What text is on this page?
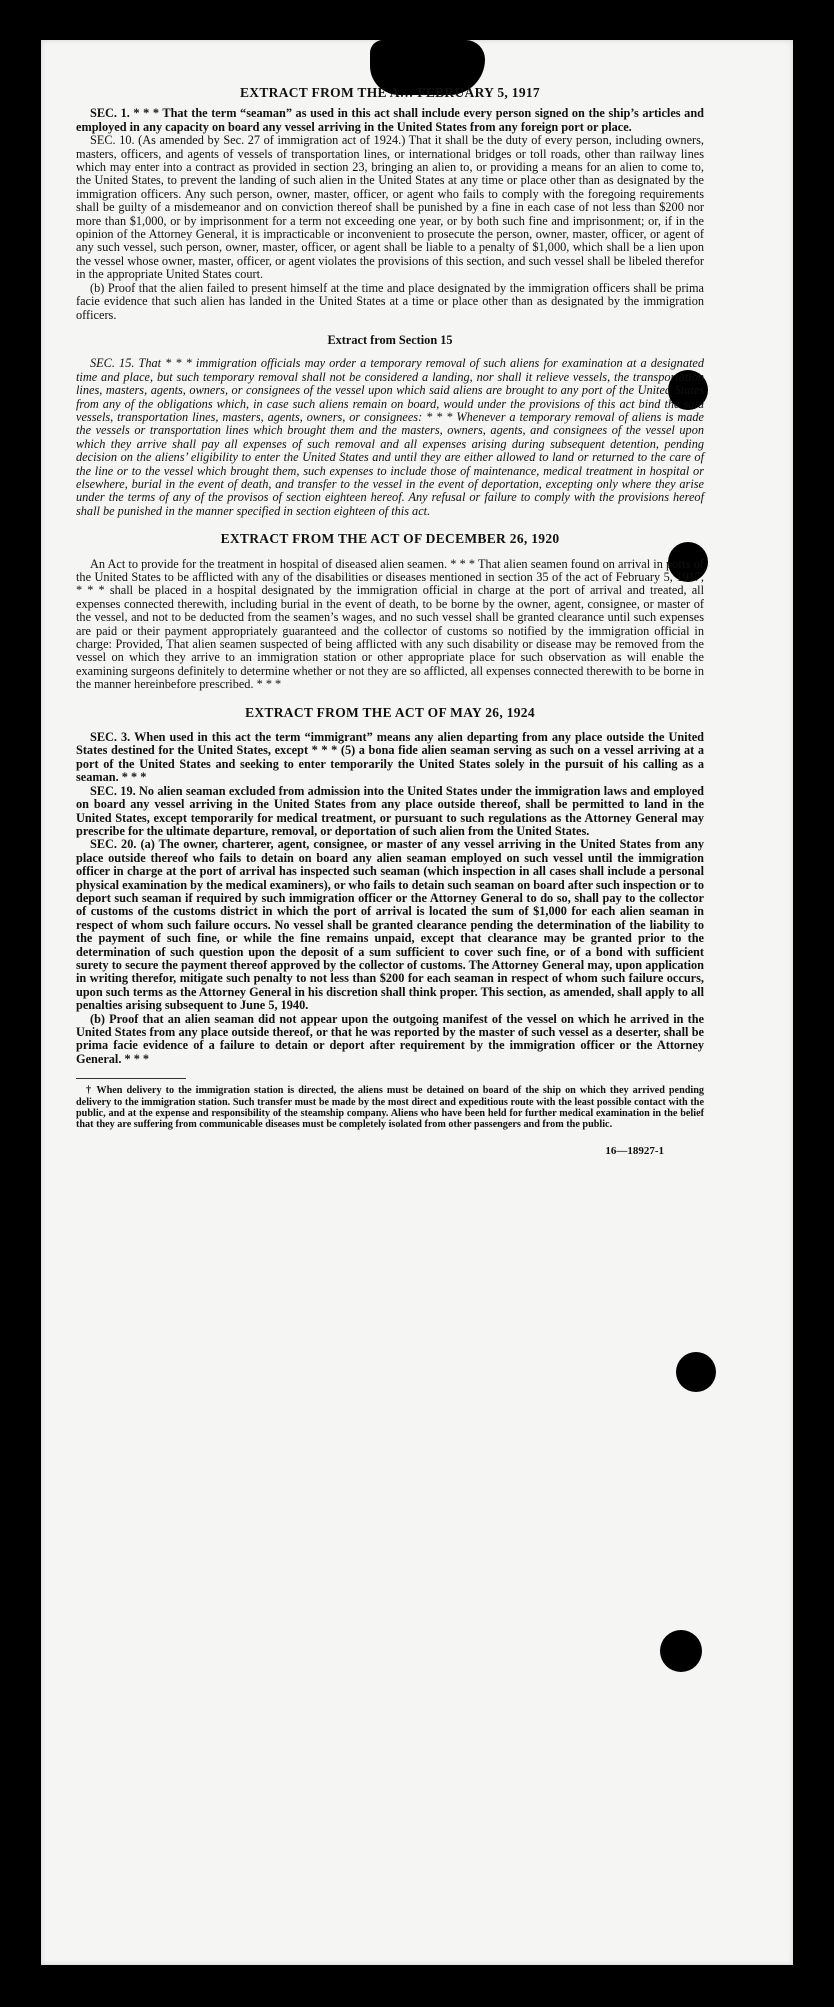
EXTRACT FROM THE A… FEBRUARY 5, 1917

SEC. 1. * * * That the term “seaman” as used in this act shall include every person signed on the ship’s articles and employed in any capacity on board any vessel arriving in the United States from any foreign port or place.

SEC. 10. (As amended by Sec. 27 of immigration act of 1924.) That it shall be the duty of every person, including owners, masters, officers, and agents of vessels of transportation lines, or international bridges or toll roads, other than railway lines which may enter into a contract as provided in section 23, bringing an alien to, or providing a means for an alien to come to, the United States, to prevent the landing of such alien in the United States at any time or place other than as designated by the immigration officers. Any such person, owner, master, officer, or agent who fails to comply with the foregoing requirements shall be guilty of a misdemeanor and on conviction thereof shall be punished by a fine in each case of not less than $200 nor more than $1,000, or by imprisonment for a term not exceeding one year, or by both such fine and imprisonment; or, if in the opinion of the Attorney General, it is impracticable or inconvenient to prosecute the person, owner, master, officer, or agent of any such vessel, such person, owner, master, officer, or agent shall be liable to a penalty of $1,000, which shall be a lien upon the vessel whose owner, master, officer, or agent violates the provisions of this section, and such vessel shall be libeled therefor in the appropriate United States court.

(b) Proof that the alien failed to present himself at the time and place designated by the immigration officers shall be prima facie evidence that such alien has landed in the United States at a time or place other than as designated by the immigration officers.

Extract from Section 15

SEC. 15. That * * * immigration officials may order a temporary removal of such aliens for examination at a designated time and place, but such temporary removal shall not be considered a landing, nor shall it relieve vessels, the transportation lines, masters, agents, owners, or consignees of the vessel upon which said aliens are brought to any port of the United States from any of the obligations which, in case such aliens remain on board, would under the provisions of this act bind the said vessels, transportation lines, masters, agents, owners, or consignees: * * * Whenever a temporary removal of aliens is made the vessels or transportation lines which brought them and the masters, owners, agents, and consignees of the vessel upon which they arrive shall pay all expenses of such removal and all expenses arising during subsequent detention, pending decision on the aliens’ eligibility to enter the United States and until they are either allowed to land or returned to the care of the line or to the vessel which brought them, such expenses to include those of maintenance, medical treatment in hospital or elsewhere, burial in the event of death, and transfer to the vessel in the event of deportation, excepting only where they arise under the terms of any of the provisos of section eighteen hereof. Any refusal or failure to comply with the provisions hereof shall be punished in the manner specified in section eighteen of this act.

EXTRACT FROM THE ACT OF DECEMBER 26, 1920

An Act to provide for the treatment in hospital of diseased alien seamen. * * * That alien seamen found on arrival in ports of the United States to be afflicted with any of the disabilities or diseases mentioned in section 35 of the act of February 5, 1917, * * * shall be placed in a hospital designated by the immigration official in charge at the port of arrival and treated, all expenses connected therewith, including burial in the event of death, to be borne by the owner, agent, consignee, or master of the vessel, and not to be deducted from the seamen’s wages, and no such vessel shall be granted clearance until such expenses are paid or their payment appropriately guaranteed and the collector of customs so notified by the immigration official in charge: Provided, That alien seamen suspected of being afflicted with any such disability or disease may be removed from the vessel on which they arrive to an immigration station or other appropriate place for such observation as will enable the examining surgeons definitely to determine whether or not they are so afflicted, all expenses connected therewith to be borne in the manner hereinbefore prescribed. * * *

EXTRACT FROM THE ACT OF MAY 26, 1924

SEC. 3. When used in this act the term “immigrant” means any alien departing from any place outside the United States destined for the United States, except * * * (5) a bona fide alien seaman serving as such on a vessel arriving at a port of the United States and seeking to enter temporarily the United States solely in the pursuit of his calling as a seaman. * * *

SEC. 19. No alien seaman excluded from admission into the United States under the immigration laws and employed on board any vessel arriving in the United States from any place outside thereof, shall be permitted to land in the United States, except temporarily for medical treatment, or pursuant to such regulations as the Attorney General may prescribe for the ultimate departure, removal, or deportation of such alien from the United States.

SEC. 20. (a) The owner, charterer, agent, consignee, or master of any vessel arriving in the United States from any place outside thereof who fails to detain on board any alien seaman employed on such vessel until the immigration officer in charge at the port of arrival has inspected such seaman (which inspection in all cases shall include a personal physical examination by the medical examiners), or who fails to detain such seaman on board after such inspection or to deport such seaman if required by such immigration officer or the Attorney General to do so, shall pay to the collector of customs of the customs district in which the port of arrival is located the sum of $1,000 for each alien seaman in respect of whom such failure occurs. No vessel shall be granted clearance pending the determination of the liability to the payment of such fine, or while the fine remains unpaid, except that clearance may be granted prior to the determination of such question upon the deposit of a sum sufficient to cover such fine, or of a bond with sufficient surety to secure the payment thereof approved by the collector of customs. The Attorney General may, upon application in writing therefor, mitigate such penalty to not less than $200 for each seaman in respect of whom such failure occurs, upon such terms as the Attorney General in his discretion shall think proper. This section, as amended, shall apply to all penalties arising subsequent to June 5, 1940.

(b) Proof that an alien seaman did not appear upon the outgoing manifest of the vessel on which he arrived in the United States from any place outside thereof, or that he was reported by the master of such vessel as a deserter, shall be prima facie evidence of a failure to detain or deport after requirement by the immigration officer or the Attorney General. * * *

† When delivery to the immigration station is directed, the aliens must be detained on board of the ship on which they arrived pending delivery to the immigration station. Such transfer must be made by the most direct and expeditious route with the least possible contact with the public, and at the expense and responsibility of the steamship company. Aliens who have been held for further medical examination in the belief that they are suffering from communicable diseases must be completely isolated from other passengers and from the public.

16—18927-1
